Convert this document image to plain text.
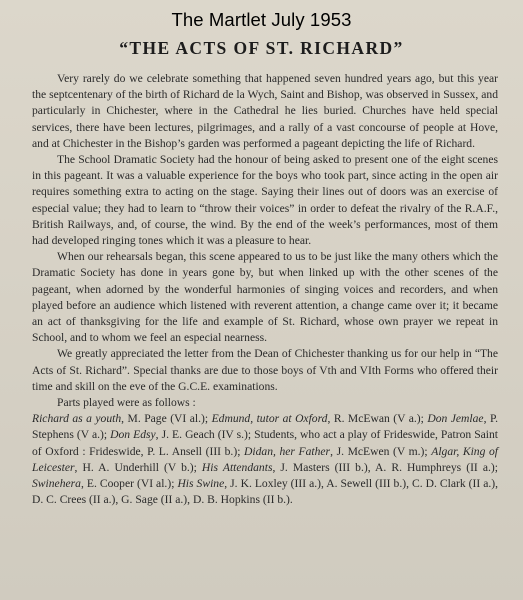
The Martlet July 1953
“THE ACTS OF ST. RICHARD”

Very rarely do we celebrate something that happened seven hundred years ago, but this year the septcentenary of the birth of Richard de la Wych, Saint and Bishop, was observed in Sussex, and particularly in Chichester, where in the Cathedral he lies buried. Churches have held special services, there have been lectures, pilgrimages, and a rally of a vast concourse of people at Hove, and at Chichester in the Bishop’s garden was performed a pageant depicting the life of Richard.

The School Dramatic Society had the honour of being asked to present one of the eight scenes in this pageant. It was a valuable experience for the boys who took part, since acting in the open air requires something extra to acting on the stage. Saying their lines out of doors was an exercise of especial value; they had to learn to “throw their voices” in order to defeat the rivalry of the R.A.F., British Railways, and, of course, the wind. By the end of the week’s performances, most of them had developed ringing tones which it was a pleasure to hear.

When our rehearsals began, this scene appeared to us to be just like the many others which the Dramatic Society has done in years gone by, but when linked up with the other scenes of the pageant, when adorned by the wonderful harmonies of singing voices and recorders, and when played before an audience which listened with reverent attention, a change came over it; it became an act of thanksgiving for the life and example of St. Richard, whose own prayer we repeat in School, and to whom we feel an especial nearness.

We greatly appreciated the letter from the Dean of Chichester thanking us for our help in “The Acts of St. Richard”. Special thanks are due to those boys of Vth and VIth Forms who offered their time and skill on the eve of the G.C.E. examinations.

Parts played were as follows :

Richard as a youth, M. Page (VI al.); Edmund, tutor at Oxford, R. McEwan (V a.); Don Jemlae, P. Stephens (V a.); Don Edsy, J. E. Geach (IV s.); Students, who act a play of Frideswide, Patron Saint of Oxford : Frideswide, P. L. Ansell (III b.); Didan, her Father, J. McEwen (V m.); Algar, King of Leicester, H. A. Underhill (V b.); His Attendants, J. Masters (III b.), A. R. Humphreys (II a.); Swinehera, E. Cooper (VI al.); His Swine, J. K. Loxley (III a.), A. Sewell (III b.), C. D. Clark (II a.), D. C. Crees (II a.), G. Sage (II a.), D. B. Hopkins (II b.).
